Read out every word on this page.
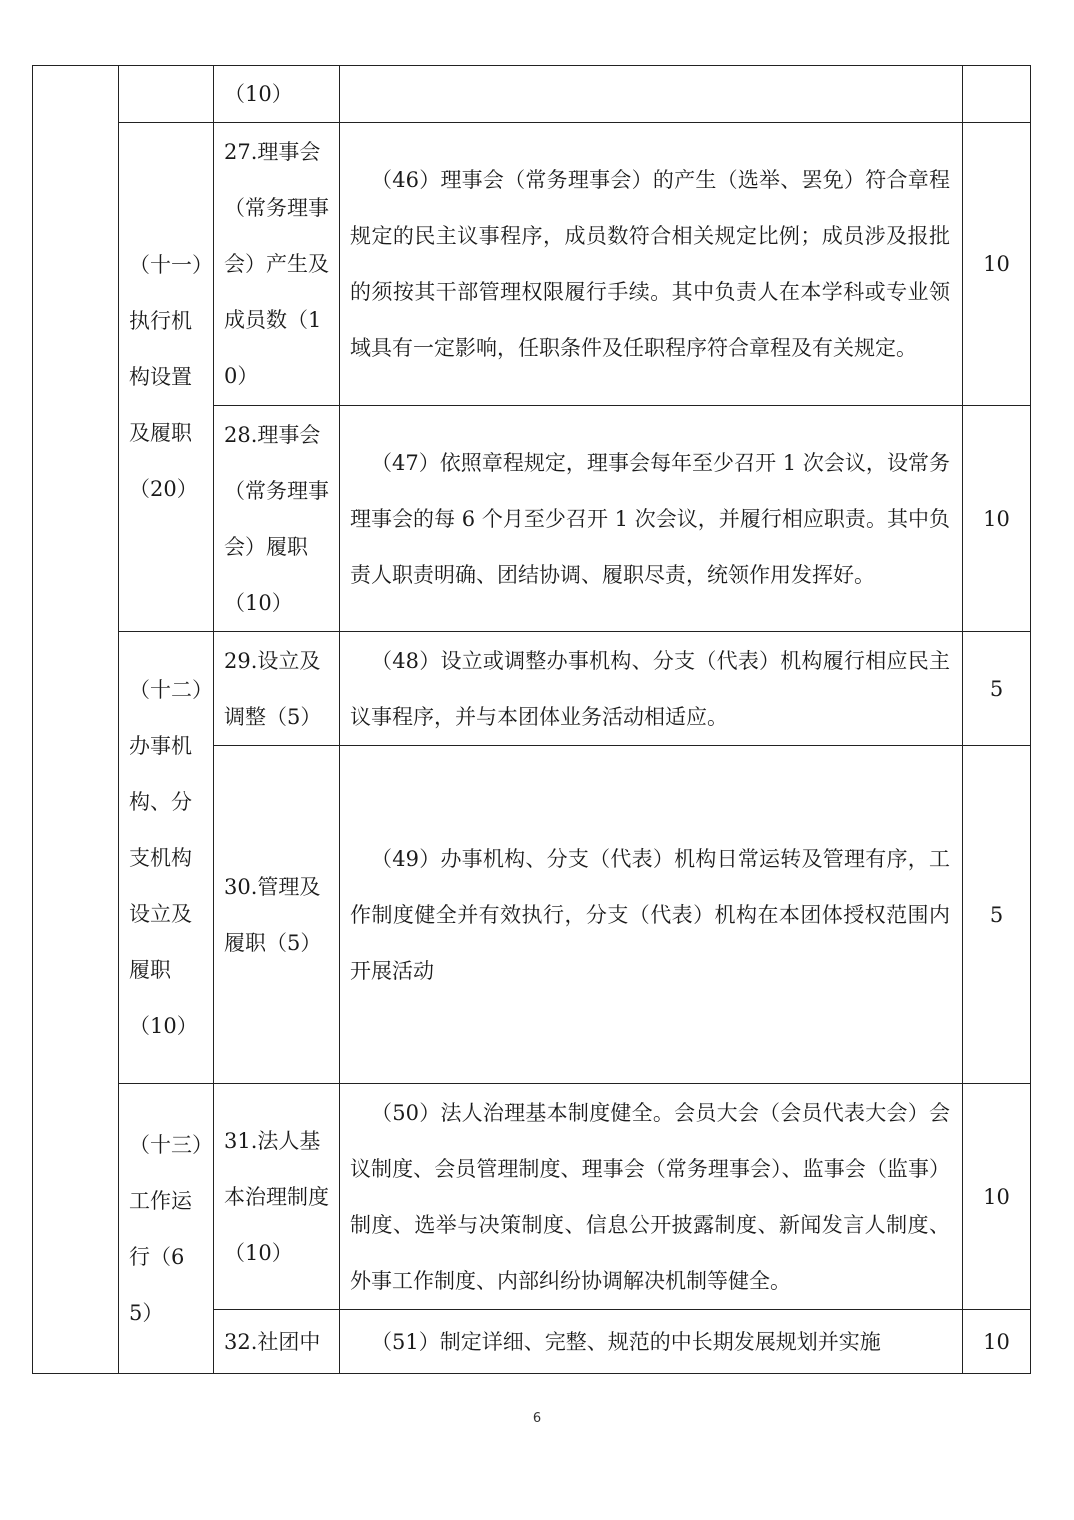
		（10）		
	（十一）执行机构设置及履职（20）	27.理事会（常务理事会）产生及成员数（10）	（46）理事会（常务理事会）的产生（选举、罢免）符合章程规定的民主议事程序，成员数符合相关规定比例；成员涉及报批的须按其干部管理权限履行手续。其中负责人在本学科或专业领域具有一定影响，任职条件及任职程序符合章程及有关规定。	10
		28.理事会（常务理事会）履职（10）	（47）依照章程规定，理事会每年至少召开 1 次会议，设常务理事会的每 6 个月至少召开 1 次会议，并履行相应职责。其中负责人职责明确、团结协调、履职尽责，统领作用发挥好。	10
	（十二）办事机构、分支机构设立及履职（10）	29.设立及调整（5）	（48）设立或调整办事机构、分支（代表）机构履行相应民主议事程序，并与本团体业务活动相适应。	5
		30.管理及履职（5）	（49）办事机构、分支（代表）机构日常运转及管理有序，工作制度健全并有效执行，分支（代表）机构在本团体授权范围内开展活动	5
	（十三）工作运行（65）	31.法人基本治理制度（10）	（50）法人治理基本制度健全。会员大会（会员代表大会）会议制度、会员管理制度、理事会（常务理事会）、监事会（监事）制度、选举与决策制度、信息公开披露制度、新闻发言人制度、外事工作制度、内部纠纷协调解决机制等健全。	10
		32.社团中	（51）制定详细、完整、规范的中长期发展规划并实施	10
6
